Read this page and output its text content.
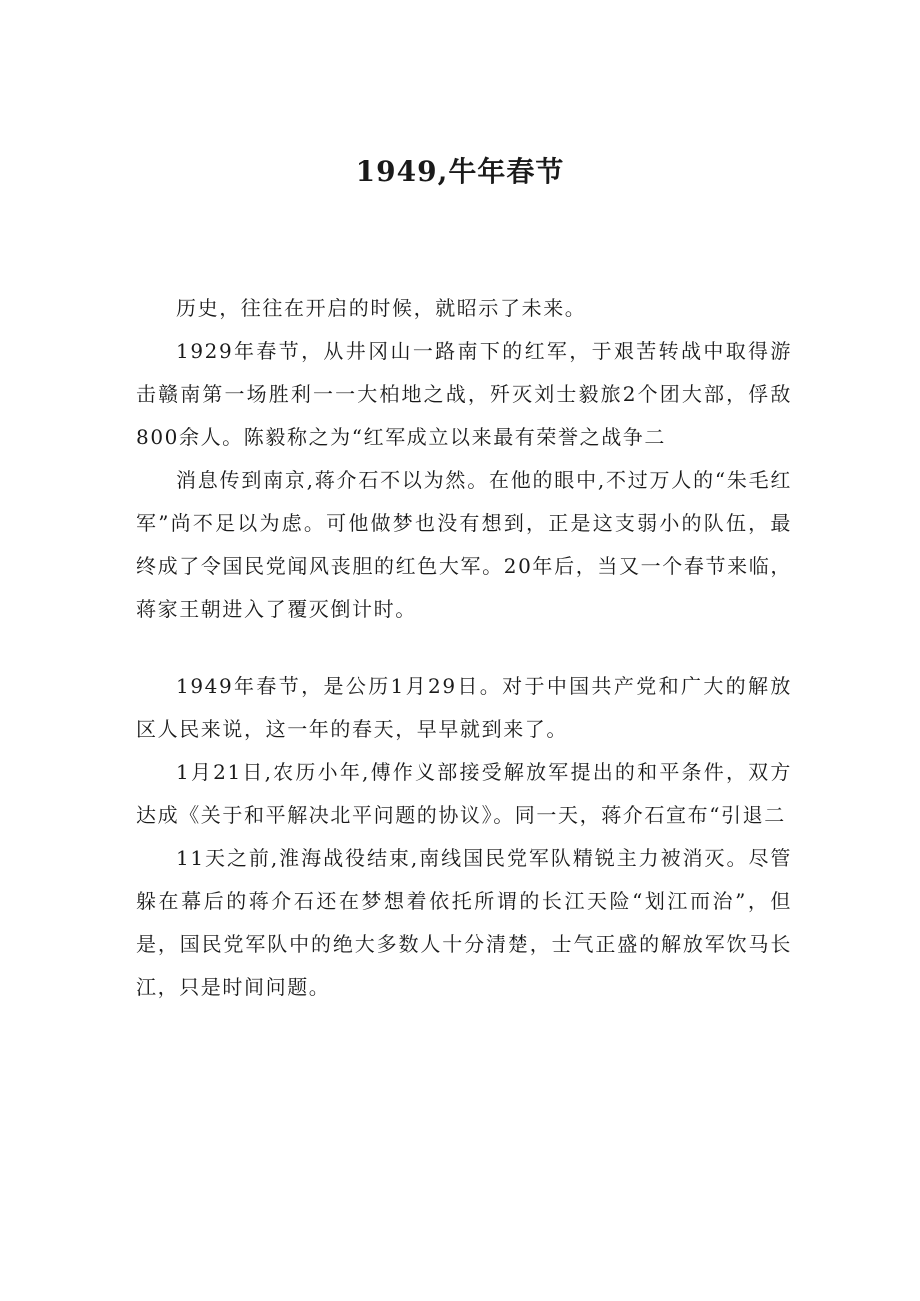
1949,牛年春节

历史，往往在开启的时候，就昭示了未来。

1929年春节，从井冈山一路南下的红军，于艰苦转战中取得游击赣南第一场胜利一一大柏地之战，歼灭刘士毅旅2个团大部，俘敌800余人。陈毅称之为“红军成立以来最有荣誉之战争二

消息传到南京,蒋介石不以为然。在他的眼中,不过万人的“朱毛红军”尚不足以为虑。可他做梦也没有想到，正是这支弱小的队伍，最终成了令国民党闻风丧胆的红色大军。20年后，当又一个春节来临，蒋家王朝进入了覆灭倒计时。

1949年春节，是公历1月29日。对于中国共产党和广大的解放区人民来说，这一年的春天，早早就到来了。

1月21日,农历小年,傅作义部接受解放军提出的和平条件，双方达成《关于和平解决北平问题的协议》。同一天，蒋介石宣布“引退二

11天之前,淮海战役结束,南线国民党军队精锐主力被消灭。尽管躲在幕后的蒋介石还在梦想着依托所谓的长江天险“划江而治”，但是，国民党军队中的绝大多数人十分清楚，士气正盛的解放军饮马长江，只是时间问题。
